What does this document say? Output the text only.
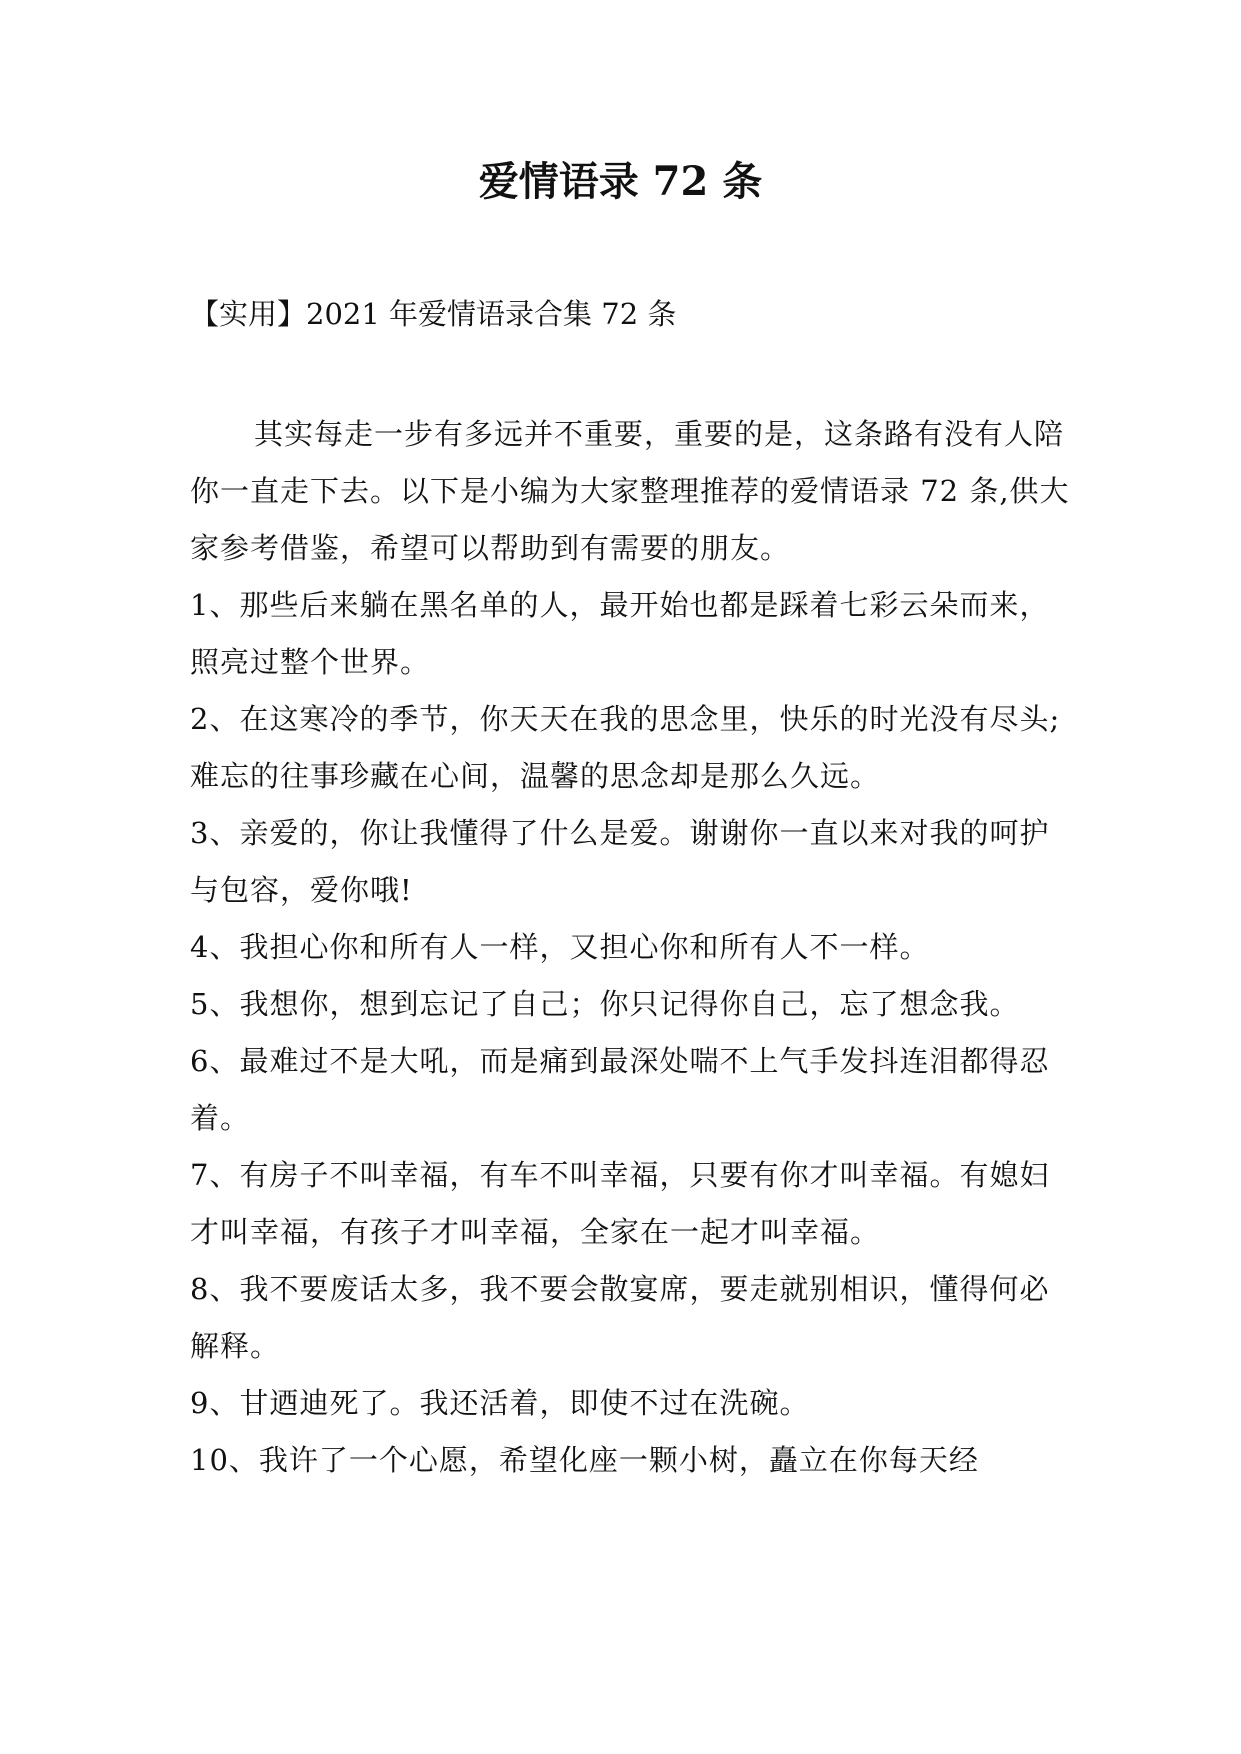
爱情语录 72 条

【实用】2021 年爱情语录合集 72 条

其实每走一步有多远并不重要，重要的是，这条路有没有人陪你一直走下去。以下是小编为大家整理推荐的爱情语录 72 条,供大家参考借鉴，希望可以帮助到有需要的朋友。

1、那些后来躺在黑名单的人，最开始也都是踩着七彩云朵而来，照亮过整个世界。

2、在这寒冷的季节，你天天在我的思念里，快乐的时光没有尽头;难忘的往事珍藏在心间，温馨的思念却是那么久远。

3、亲爱的，你让我懂得了什么是爱。谢谢你一直以来对我的呵护与包容，爱你哦!

4、我担心你和所有人一样，又担心你和所有人不一样。

5、我想你，想到忘记了自己；你只记得你自己，忘了想念我。

6、最难过不是大吼，而是痛到最深处喘不上气手发抖连泪都得忍着。

7、有房子不叫幸福，有车不叫幸福，只要有你才叫幸福。有媳妇才叫幸福，有孩子才叫幸福，全家在一起才叫幸福。

8、我不要废话太多，我不要会散宴席，要走就别相识，懂得何必解释。

9、甘迺迪死了。我还活着，即使不过在洗碗。

10、我许了一个心愿，希望化座一颗小树，矗立在你每天经
